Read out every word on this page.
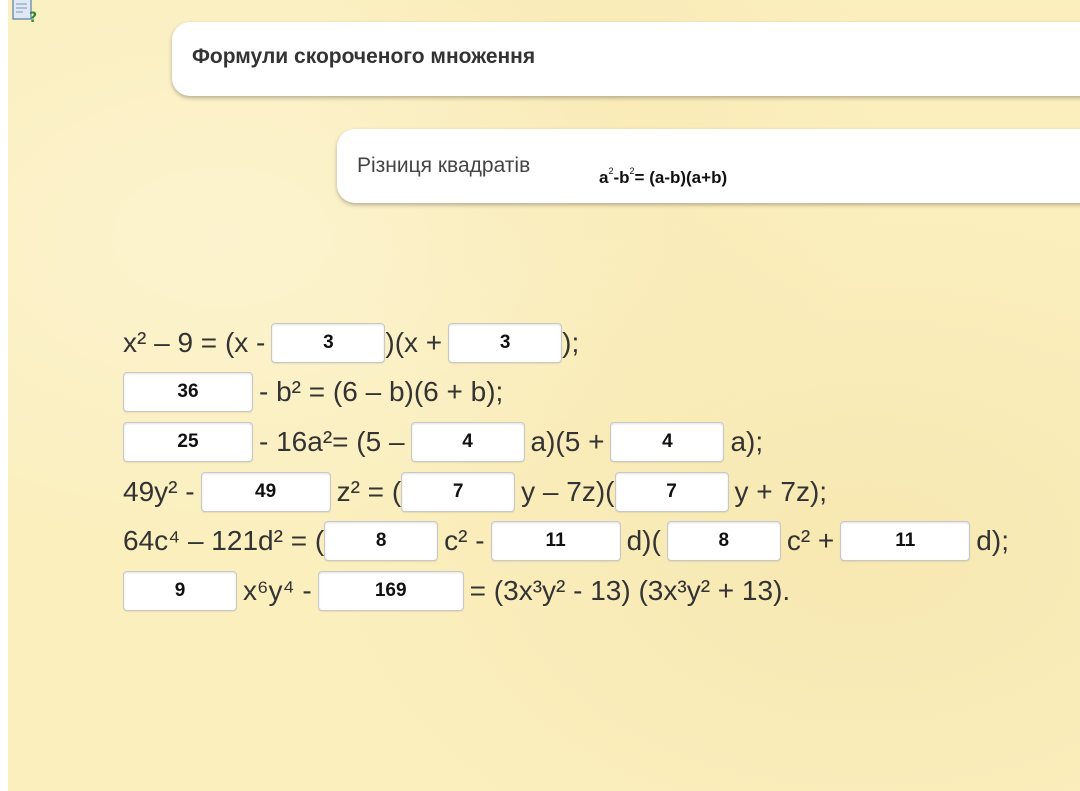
?
Формули скороченого множення
Різниця квадратів
$a^2-b^2= (a-b)(a+b)$
x² – 9 = (x -	3	)(x +	3	);
36	- b² = (6 – b)(6 + b);
25	- 16a²= (5 –	4	a)(5 +	4	a);
49y² -	49	z² = (	7	y – 7z)(	7	y + 7z);
64c⁴ – 121d² = (	8	c² -	11	d)(	8	c² +	11	d);
9	x⁶y⁴ -	169	= (3x³y² - 13) (3x³y² + 13).
